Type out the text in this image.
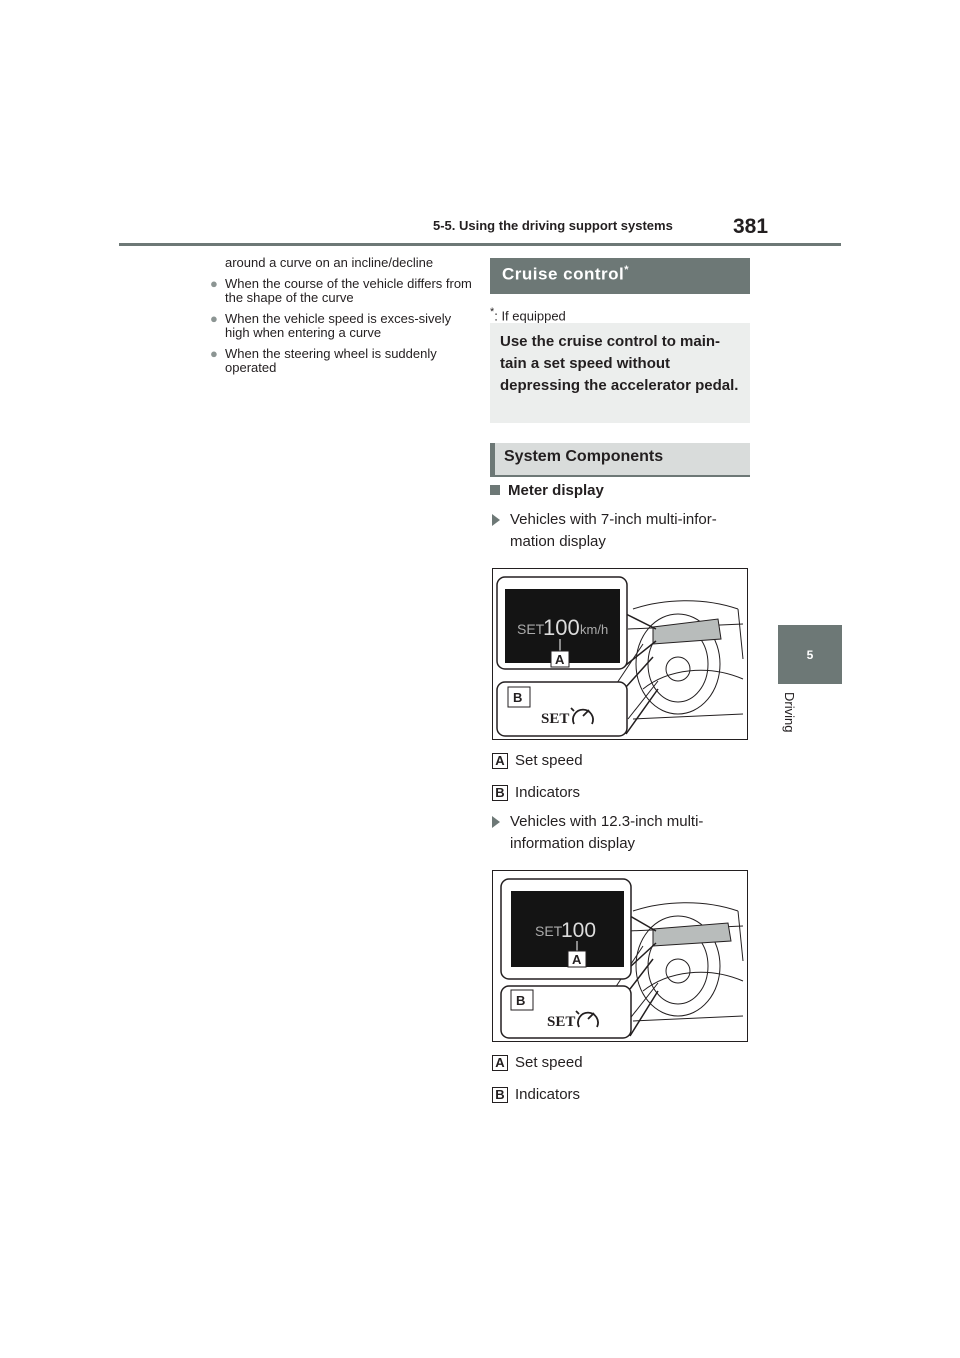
5-5. Using the driving support systems	381
5
Driving

around a curve on an incline/decline

● When the course of the vehicle differs from the shape of the curve

● When the vehicle speed is exces-sively high when entering a curve

● When the steering wheel is suddenly operated

Cruise control*
*: If equipped
Use the cruise control to main-tain a set speed without depressing the accelerator pedal.
System Components
Meter display
Vehicles with 7-inch multi-infor-mation display
SET
100 km/h
A
B
SET
A Set speed
B Indicators
Vehicles with 12.3-inch multi-information display
SET
100
A
B
SET
A Set speed
B Indicators
